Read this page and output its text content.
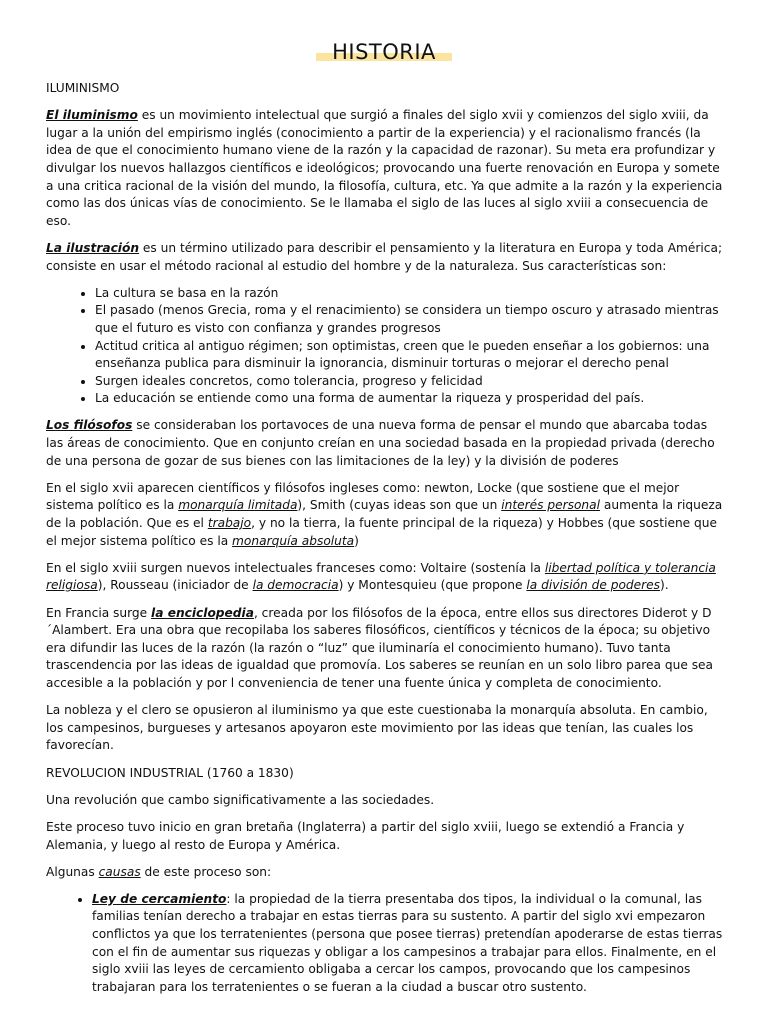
HISTORIA

ILUMINISMO

El iluminismo es un movimiento intelectual que surgió a finales del siglo xvii y comienzos del siglo xviii, da lugar a la unión del empirismo inglés (conocimiento a partir de la experiencia) y el racionalismo francés (la idea de que el conocimiento humano viene de la razón y la capacidad de razonar). Su meta era profundizar y divulgar los nuevos hallazgos científicos e ideológicos; provocando una fuerte renovación en Europa y somete a una critica racional de la visión del mundo, la filosofía, cultura, etc. Ya que admite a la razón y la experiencia como las dos únicas vías de conocimiento. Se le llamaba el siglo de las luces al siglo xviii a consecuencia de eso.

La ilustración es un término utilizado para describir el pensamiento y la literatura en Europa y toda América; consiste en usar el método racional al estudio del hombre y de la naturaleza. Sus características son:

• La cultura se basa en la razón
• El pasado (menos Grecia, roma y el renacimiento) se considera un tiempo oscuro y atrasado mientras que el futuro es visto con confianza y grandes progresos
• Actitud critica al antiguo régimen; son optimistas, creen que le pueden enseñar a los gobiernos: una enseñanza publica para disminuir la ignorancia, disminuir torturas o mejorar el derecho penal
• Surgen ideales concretos, como tolerancia, progreso y felicidad
• La educación se entiende como una forma de aumentar la riqueza y prosperidad del país.

Los filósofos se consideraban los portavoces de una nueva forma de pensar el mundo que abarcaba todas las áreas de conocimiento. Que en conjunto creían en una sociedad basada en la propiedad privada (derecho de una persona de gozar de sus bienes con las limitaciones de la ley) y la división de poderes

En el siglo xvii aparecen científicos y filósofos ingleses como: newton, Locke (que sostiene que el mejor sistema político es la monarquía limitada), Smith (cuyas ideas son que un interés personal aumenta la riqueza de la población. Que es el trabajo, y no la tierra, la fuente principal de la riqueza) y Hobbes (que sostiene que el mejor sistema político es la monarquía absoluta)

En el siglo xviii surgen nuevos intelectuales franceses como: Voltaire (sostenía la libertad política y tolerancia religiosa), Rousseau (iniciador de la democracia) y Montesquieu (que propone la división de poderes).

En Francia surge la enciclopedia, creada por los filósofos de la época, entre ellos sus directores Diderot y D´Alambert. Era una obra que recopilaba los saberes filosóficos, científicos y técnicos de la época; su objetivo era difundir las luces de la razón (la razón o “luz” que iluminaría el conocimiento humano). Tuvo tanta trascendencia por las ideas de igualdad que promovía. Los saberes se reunían en un solo libro parea que sea accesible a la población y por l conveniencia de tener una fuente única y completa de conocimiento.

La nobleza y el clero se opusieron al iluminismo ya que este cuestionaba la monarquía absoluta. En cambio, los campesinos, burgueses y artesanos apoyaron este movimiento por las ideas que tenían, las cuales los favorecían.

REVOLUCION INDUSTRIAL (1760 a 1830)

Una revolución que cambo significativamente a las sociedades.

Este proceso tuvo inicio en gran bretaña (Inglaterra) a partir del siglo xviii, luego se extendió a Francia y Alemania, y luego al resto de Europa y América.

Algunas causas de este proceso son:

• Ley de cercamiento: la propiedad de la tierra presentaba dos tipos, la individual o la comunal, las familias tenían derecho a trabajar en estas tierras para su sustento. A partir del siglo xvi empezaron conflictos ya que los terratenientes (persona que posee tierras) pretendían apoderarse de estas tierras con el fin de aumentar sus riquezas y obligar a los campesinos a trabajar para ellos. Finalmente, en el siglo xviii las leyes de cercamiento obligaba a cercar los campos, provocando que los campesinos trabajaran para los terratenientes o se fueran a la ciudad a buscar otro sustento.
